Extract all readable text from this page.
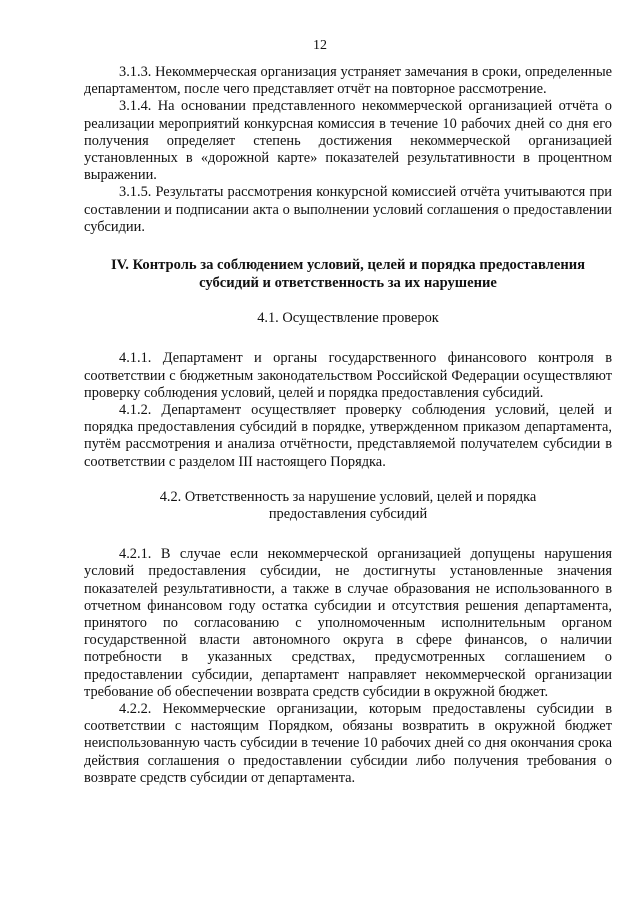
12

3.1.3. Некоммерческая организация устраняет замечания в сроки, определенные департаментом, после чего представляет отчёт на повторное рассмотрение.

3.1.4. На основании представленного некоммерческой организацией отчёта о реализации мероприятий конкурсная комиссия в течение 10 рабочих дней со дня его получения определяет степень достижения некоммерческой организацией установленных в «дорожной карте» показателей результативности в процентном выражении.

3.1.5. Результаты рассмотрения конкурсной комиссией отчёта учитываются при составлении и подписании акта о выполнении условий соглашения о предоставлении субсидии.

IV. Контроль за соблюдением условий, целей и порядка предоставления субсидий и ответственность за их нарушение
4.1. Осуществление проверок

4.1.1. Департамент и органы государственного финансового контроля в соответствии с бюджетным законодательством Российской Федерации осуществляют проверку соблюдения условий, целей и порядка предоставления субсидий.

4.1.2. Департамент осуществляет проверку соблюдения условий, целей и порядка предоставления субсидий в порядке, утвержденном приказом департамента, путём рассмотрения и анализа отчётности, представляемой получателем субсидии в соответствии с разделом III настоящего Порядка.

4.2. Ответственность за нарушение условий, целей и порядка
предоставления субсидий

4.2.1. В случае если некоммерческой организацией допущены нарушения условий предоставления субсидии, не достигнуты установленные значения показателей результативности, а также в случае образования не использованного в отчетном финансовом году остатка субсидии и отсутствия решения департамента, принятого по согласованию с уполномоченным исполнительным органом государственной власти автономного округа в сфере финансов, о наличии потребности в указанных средствах, предусмотренных соглашением о предоставлении субсидии, департамент направляет некоммерческой организации требование об обеспечении возврата средств субсидии в окружной бюджет.

4.2.2. Некоммерческие организации, которым предоставлены субсидии в соответствии с настоящим Порядком, обязаны возвратить в окружной бюджет неиспользованную часть субсидии в течение 10 рабочих дней со дня окончания срока действия соглашения о предоставлении субсидии либо получения требования о возврате средств субсидии от департамента.
